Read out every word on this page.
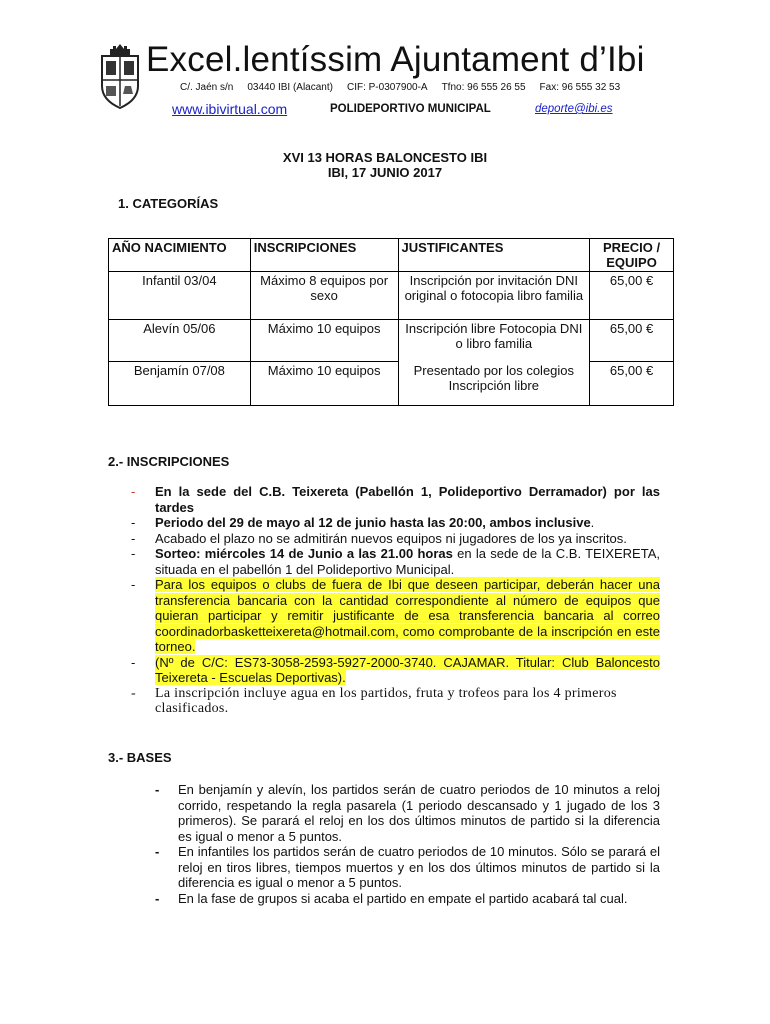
Excel.lentíssim Ajuntament d’Ibi
C/. Jaén s/n 03440 IBI (Alacant) CIF: P-0307900-A Tfno: 96 555 26 55 Fax: 96 555 32 53
www.ibivirtual.com	POLIDEPORTIVO MUNICIPAL	deporte@ibi.es
XVI 13 HORAS BALONCESTO IBI
IBI, 17 JUNIO 2017
1. CATEGORÍAS
AÑO NACIMIENTO	INSCRIPCIONES	JUSTIFICANTES	PRECIO / EQUIPO
Infantil 03/04	Máximo 8 equipos por sexo	Inscripción por invitación DNI original o fotocopia libro familia	65,00 €
Alevín 05/06	Máximo 10 equipos	Inscripción libre Fotocopia DNI o libro familia	65,00 €
Benjamín 07/08	Máximo 10 equipos	Presentado por los colegios Inscripción libre	65,00 €
2.- INSCRIPCIONES
- En la sede del C.B. Teixereta (Pabellón 1, Polideportivo Derramador) por las tardes
- Periodo del 29 de mayo al 12 de junio hasta las 20:00, ambos inclusive.
- Acabado el plazo no se admitirán nuevos equipos ni jugadores de los ya inscritos.
- Sorteo: miércoles 14 de Junio a las 21.00 horas en la sede de la C.B. TEIXERETA, situada en el pabellón 1 del Polideportivo Municipal.
- Para los equipos o clubs de fuera de Ibi que deseen participar, deberán hacer una transferencia bancaria con la cantidad correspondiente al número de equipos que quieran participar y remitir justificante de esa transferencia bancaria al correo coordinadorbasketteixereta@hotmail.com, como comprobante de la inscripción en este torneo.
- (Nº de C/C: ES73-3058-2593-5927-2000-3740. CAJAMAR. Titular: Club Baloncesto Teixereta - Escuelas Deportivas).
- La inscripción incluye agua en los partidos, fruta y trofeos para los 4 primeros clasificados.
3.- BASES
- En benjamín y alevín, los partidos serán de cuatro periodos de 10 minutos a reloj corrido, respetando la regla pasarela (1 periodo descansado y 1 jugado de los 3 primeros). Se parará el reloj en los dos últimos minutos de partido si la diferencia es igual o menor a 5 puntos.
- En infantiles los partidos serán de cuatro periodos de 10 minutos. Sólo se parará el reloj en tiros libres, tiempos muertos y en los dos últimos minutos de partido si la diferencia es igual o menor a 5 puntos.
- En la fase de grupos si acaba el partido en empate el partido acabará tal cual.
